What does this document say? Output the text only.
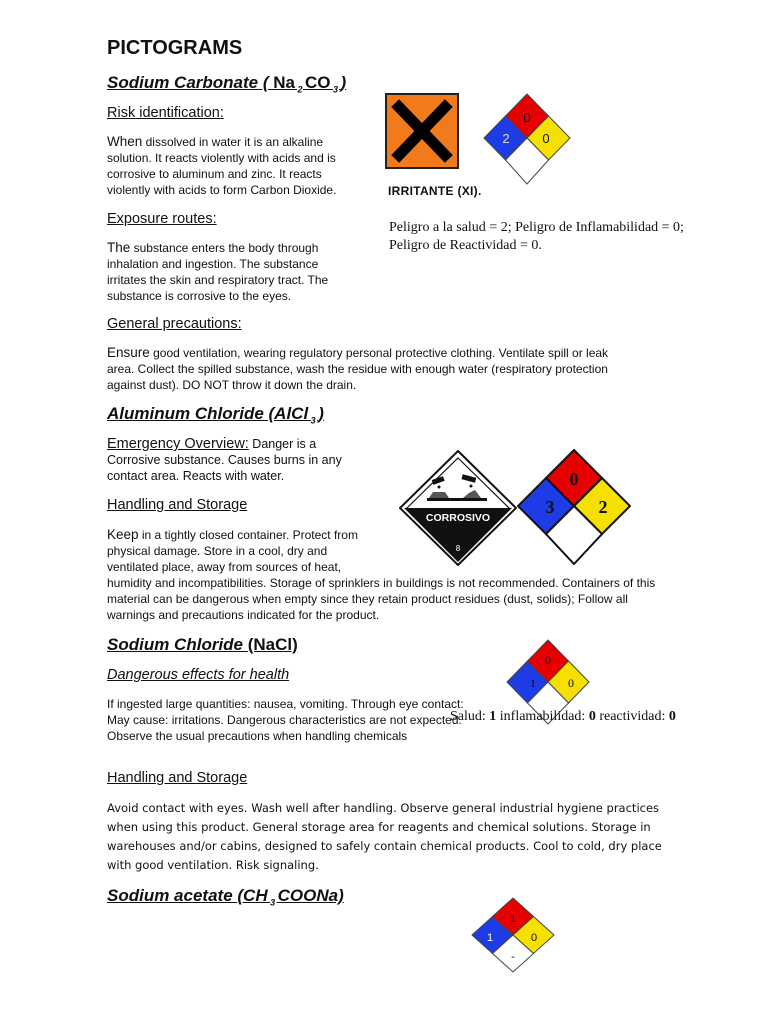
PICTOGRAMS
Sodium Carbonate ( Na $_2$ CO $_3$ )
Risk identification:
When dissolved in water it is an alkaline solution. It reacts violently with acids and is corrosive to aluminum and zinc. It reacts violently with acids to form Carbon Dioxide.
Exposure routes:
The substance enters the body through inhalation and ingestion. The substance irritates the skin and respiratory tract. The substance is corrosive to the eyes.
General precautions:
Ensure good ventilation, wearing regulatory personal protective clothing. Ventilate spill or leak area. Collect the spilled substance, wash the residue with enough water (respiratory protection against dust). DO NOT throw it down the drain.
IRRITANTE (XI).
Peligro a la salud = 2; Peligro de Inflamabilidad = 0; Peligro de Reactividad = 0.
0
2	0
Aluminum Chloride (AlCl $_3$ )
Emergency Overview: Danger is a Corrosive substance. Causes burns in any contact area. Reacts with water.
Handling and Storage
Keep in a tightly closed container. Protect from physical damage. Store in a cool, dry and ventilated place, away from sources of heat,
humidity and incompatibilities. Storage of sprinklers in buildings is not recommended. Containers of this material can be dangerous when empty since they retain product residues (dust, solids); Follow all warnings and precautions indicated for the product.
CORROSIVO
8
0
3 2
Sodium Chloride (NaCl)
Dangerous effects for health
If ingested large quantities: nausea, vomiting. Through eye contact: May cause: irritations. Dangerous characteristics are not expected. Observe the usual precautions when handling chemicals
Handling and Storage
Avoid contact with eyes. Wash well after handling. Observe general industrial hygiene practices when using this product. General storage area for reagents and chemical solutions. Storage in warehouses and/or cabins, designed to safely contain chemical products. Cool to cold, dry place with good ventilation. Risk signaling.
0
1	0
Salud: 1 inflamabilidad: 0 reactividad: 0
Sodium acetate (CH $_3$ COONa)
1
1	0
-
